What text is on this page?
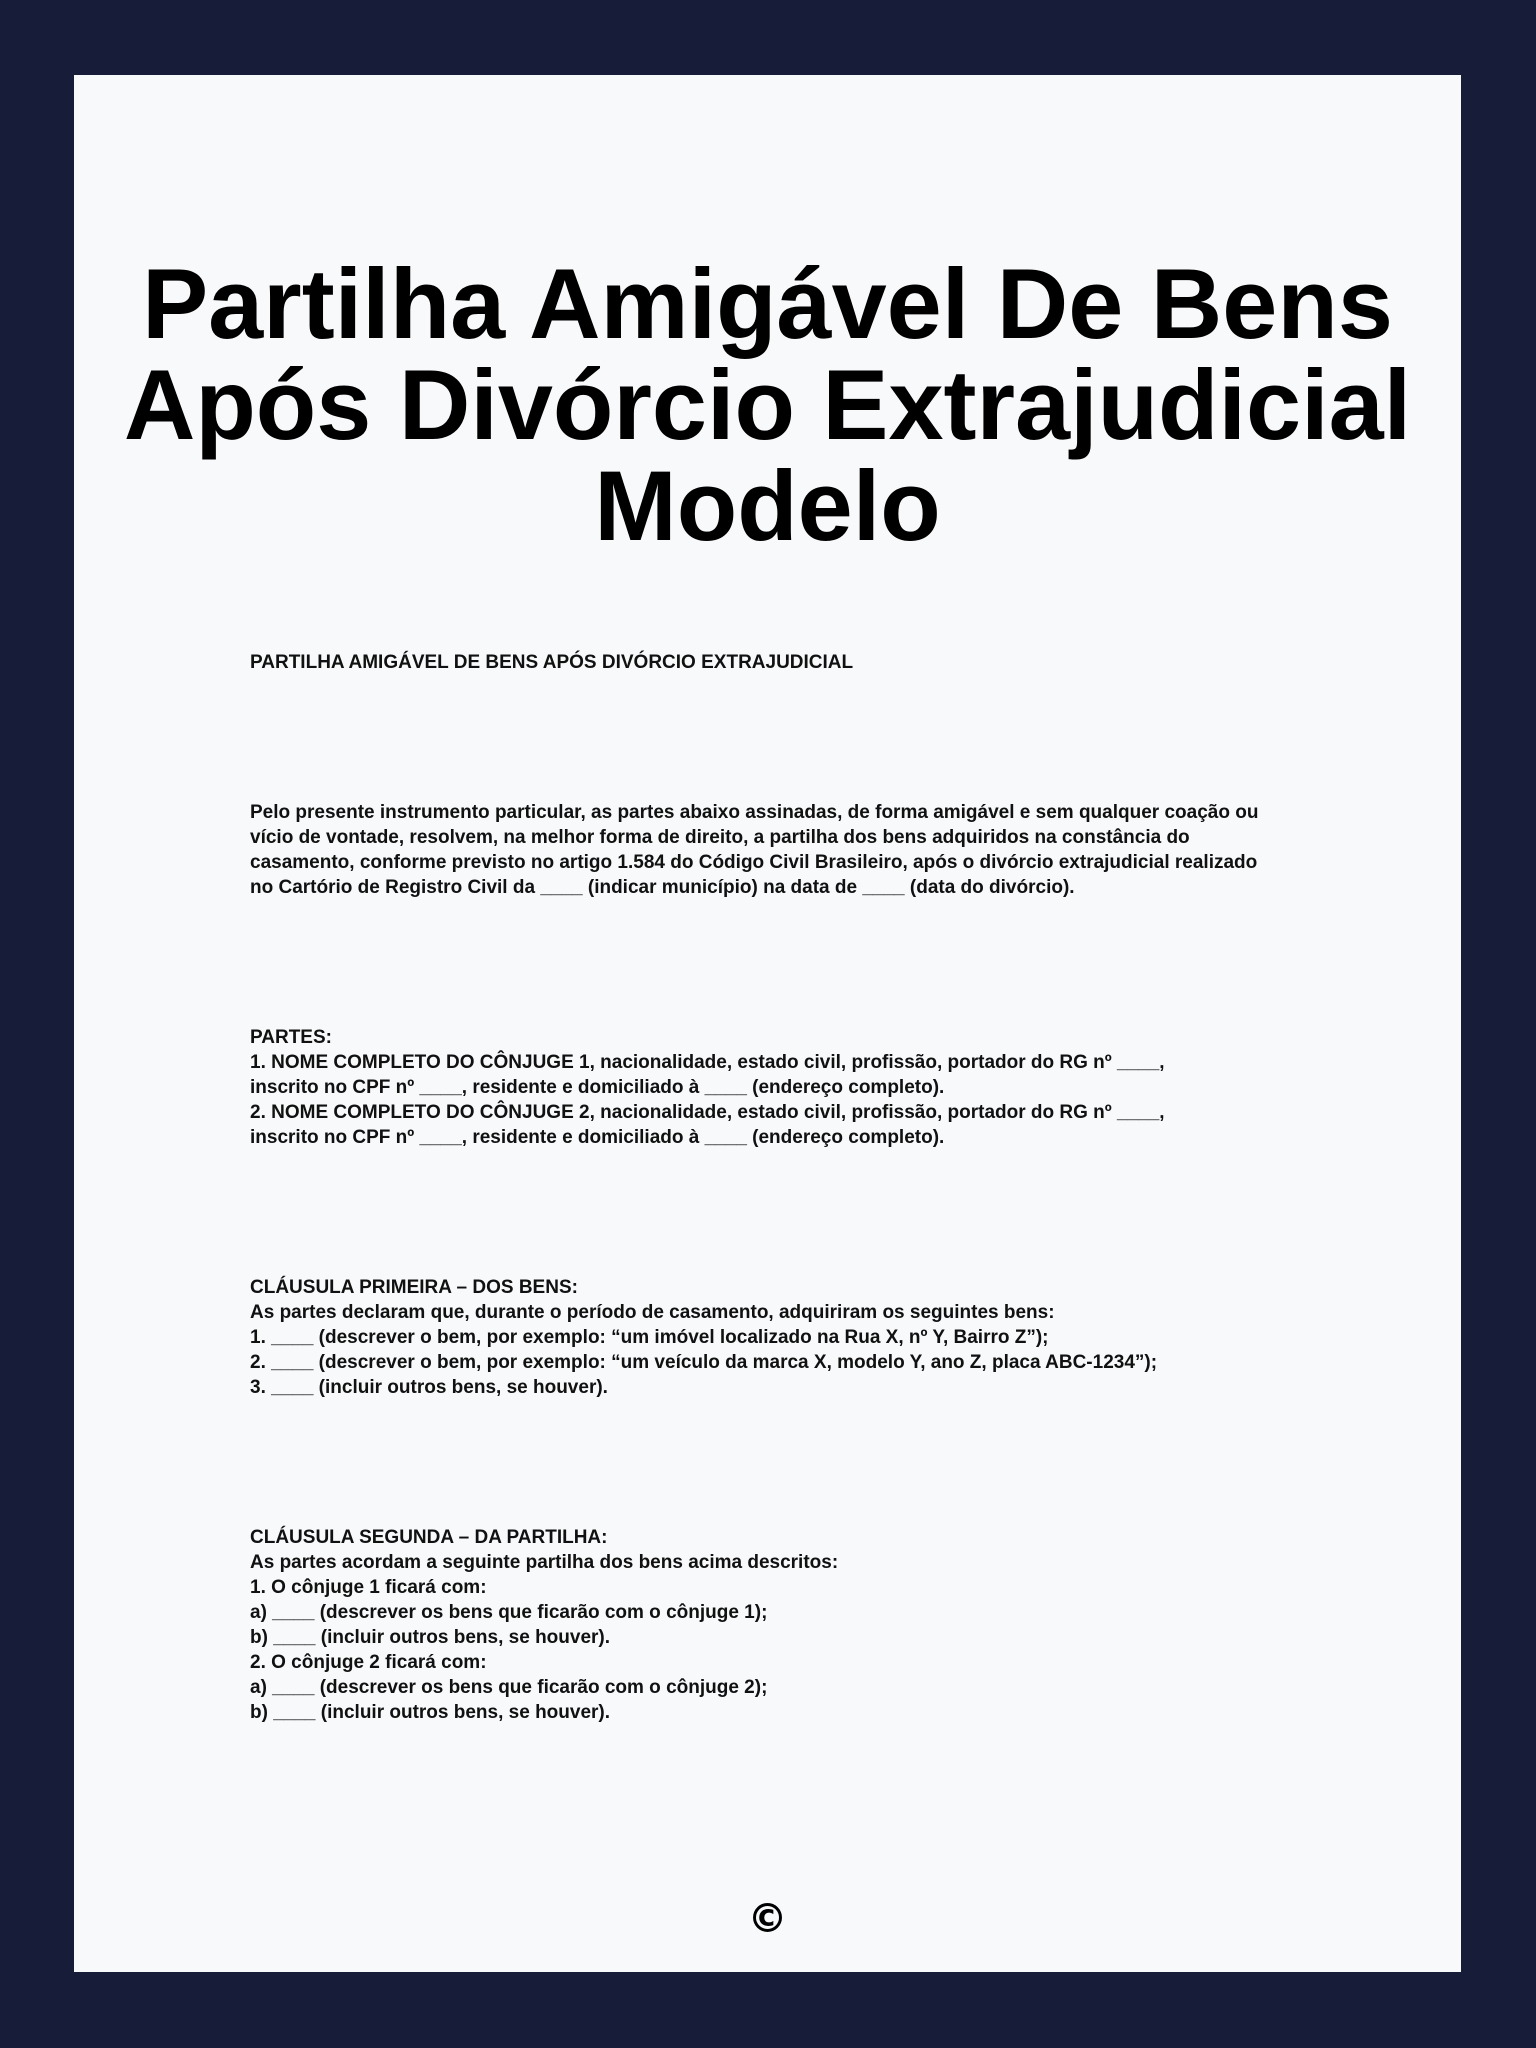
Partilha Amigável De Bens
Após Divórcio Extrajudicial
Modelo

PARTILHA AMIGÁVEL DE BENS APÓS DIVÓRCIO EXTRAJUDICIAL

Pelo presente instrumento particular, as partes abaixo assinadas, de forma amigável e sem qualquer coação ou vício de vontade, resolvem, na melhor forma de direito, a partilha dos bens adquiridos na constância do casamento, conforme previsto no artigo 1.584 do Código Civil Brasileiro, após o divórcio extrajudicial realizado no Cartório de Registro Civil da ____ (indicar município) na data de ____ (data do divórcio).

PARTES:

1. NOME COMPLETO DO CÔNJUGE 1, nacionalidade, estado civil, profissão, portador do RG nº ____,

inscrito no CPF nº ____, residente e domiciliado à ____ (endereço completo).

2. NOME COMPLETO DO CÔNJUGE 2, nacionalidade, estado civil, profissão, portador do RG nº ____,

inscrito no CPF nº ____, residente e domiciliado à ____ (endereço completo).

CLÁUSULA PRIMEIRA – DOS BENS:

As partes declaram que, durante o período de casamento, adquiriram os seguintes bens:

1. ____ (descrever o bem, por exemplo: “um imóvel localizado na Rua X, nº Y, Bairro Z”);

2. ____ (descrever o bem, por exemplo: “um veículo da marca X, modelo Y, ano Z, placa ABC-1234”);

3. ____ (incluir outros bens, se houver).

CLÁUSULA SEGUNDA – DA PARTILHA:

As partes acordam a seguinte partilha dos bens acima descritos:

1. O cônjuge 1 ficará com:

a) ____ (descrever os bens que ficarão com o cônjuge 1);

b) ____ (incluir outros bens, se houver).

2. O cônjuge 2 ficará com:

a) ____ (descrever os bens que ficarão com o cônjuge 2);

b) ____ (incluir outros bens, se houver).

©
